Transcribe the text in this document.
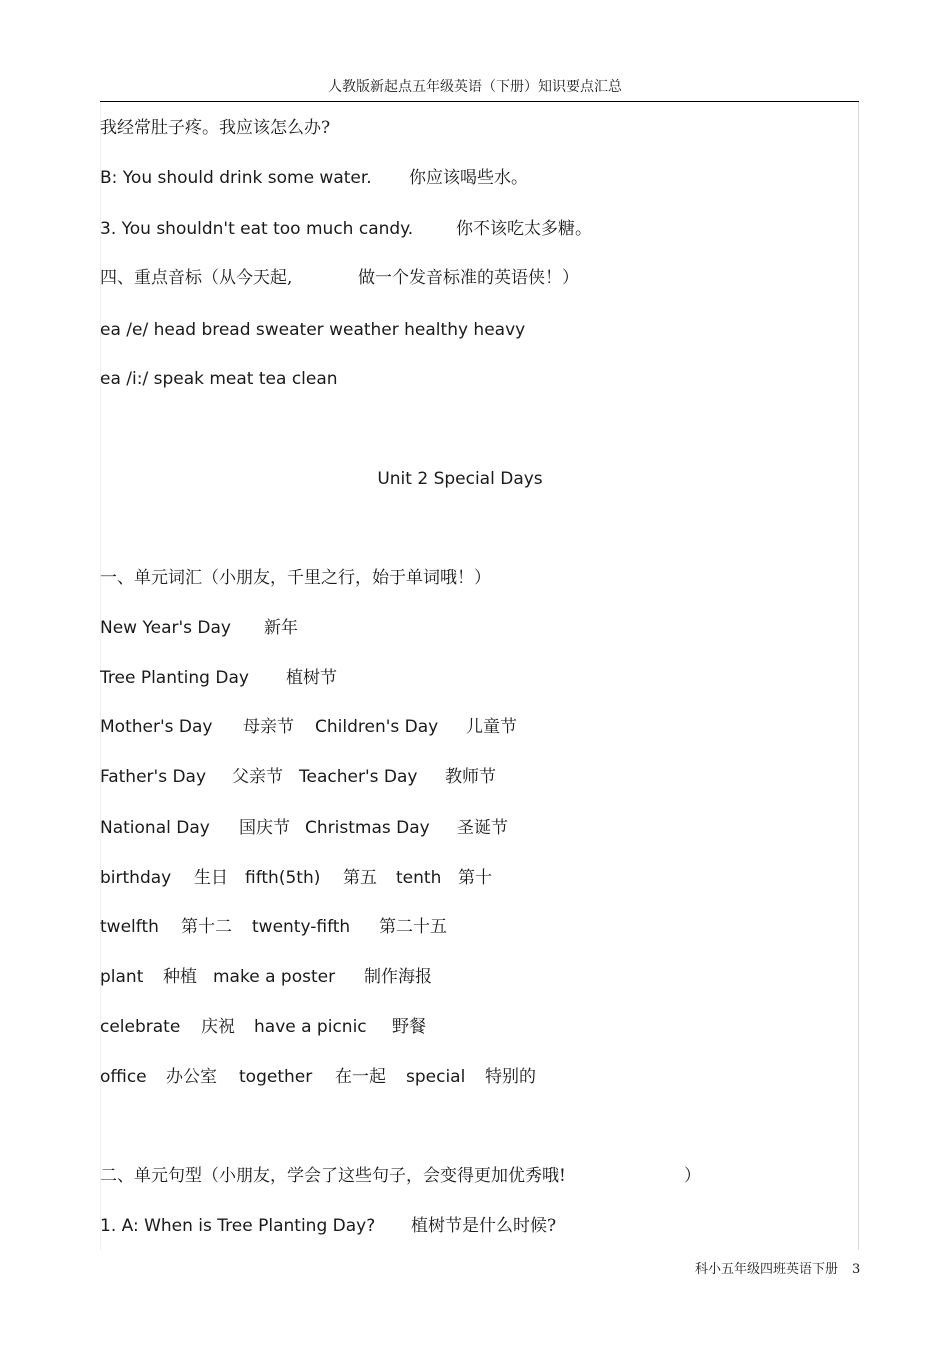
人教版新起点五年级英语（下册）知识要点汇总
我经常肚子疼。我应该怎么办?
B: You should drink some water. 你应该喝些水。
3. You shouldn't eat too much candy.	你不该吃太多糖。
四、重点音标（从今天起,	做一个发音标准的英语侠！）
ea /e/ head bread sweater weather healthy heavy
ea /i:/ speak meat tea clean
Unit 2 Special Days
一、单元词汇（小朋友，千里之行，始于单词哦！）
New Year's Day 新年
Tree Planting Day 植树节
Mother's Day 母亲节 Children's Day 儿童节
Father's Day 父亲节 Teacher's Day 教师节
National Day 国庆节 Christmas Day 圣诞节
birthday 生日 fifth(5th) 第五 tenth 第十
twelfth 第十二 twenty-fifth 第二十五
plant 种植 make a poster 制作海报
celebrate 庆祝 have a picnic 野餐
office 办公室 together 在一起 special 特别的
二、单元句型（小朋友，学会了这些句子，会变得更加优秀哦!	）
1. A: When is Tree Planting Day? 植树节是什么时候?
科小五年级四班英语下册 3
